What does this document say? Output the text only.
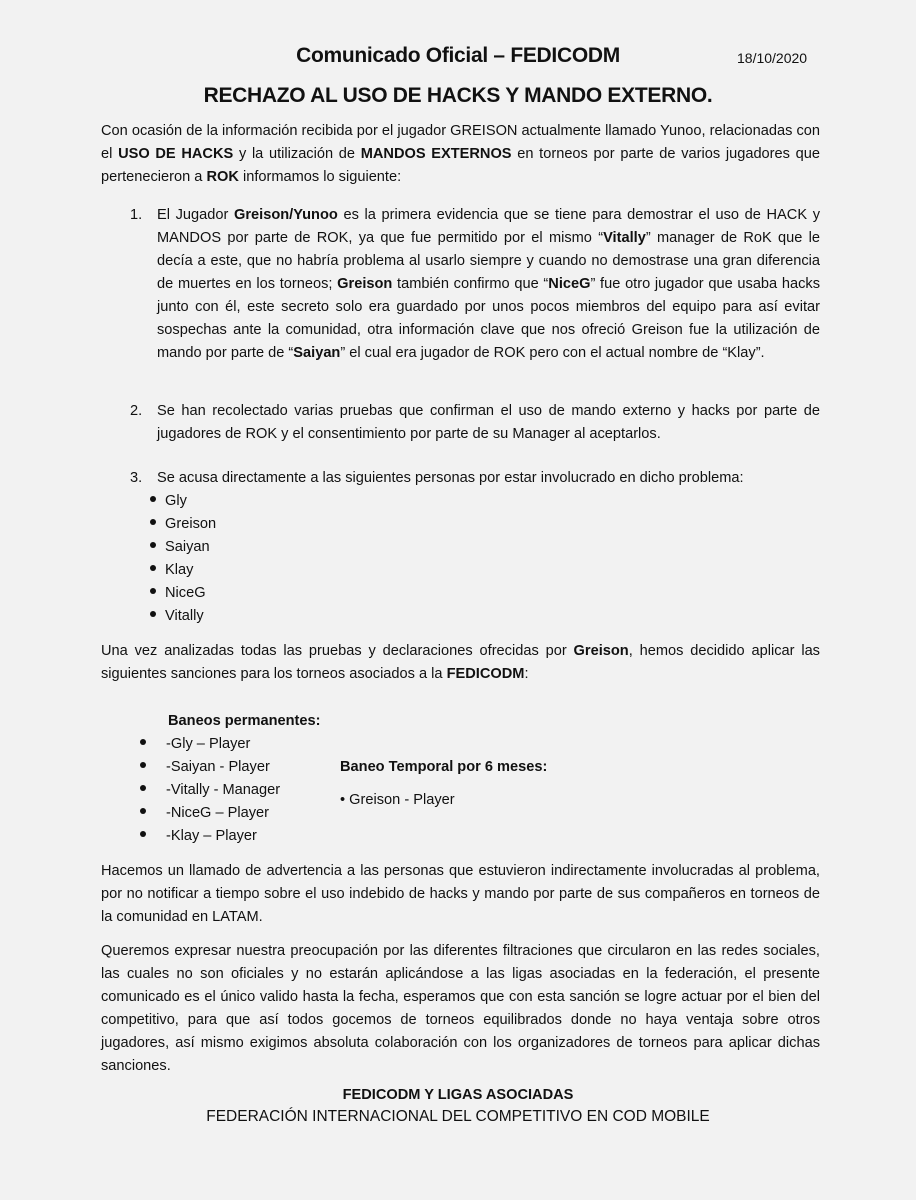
Comunicado Oficial – FEDICODM	18/10/2020
RECHAZO AL USO DE HACKS Y MANDO EXTERNO.
Con ocasión de la información recibida por el jugador GREISON actualmente llamado Yunoo, relacionadas con el USO DE HACKS y la utilización de MANDOS EXTERNOS en torneos por parte de varios jugadores que pertenecieron a ROK informamos lo siguiente:
1. El Jugador Greison/Yunoo es la primera evidencia que se tiene para demostrar el uso de HACK y MANDOS por parte de ROK, ya que fue permitido por el mismo “Vitally” manager de RoK que le decía a este, que no habría problema al usarlo siempre y cuando no demostrase una gran diferencia de muertes en los torneos; Greison también confirmo que “NiceG” fue otro jugador que usaba hacks junto con él, este secreto solo era guardado por unos pocos miembros del equipo para así evitar sospechas ante la comunidad, otra información clave que nos ofreció Greison fue la utilización de mando por parte de “Saiyan” el cual era jugador de ROK pero con el actual nombre de “Klay”.
2. Se han recolectado varias pruebas que confirman el uso de mando externo y hacks por parte de jugadores de ROK y el consentimiento por parte de su Manager al aceptarlos.
3. Se acusa directamente a las siguientes personas por estar involucrado en dicho problema:
Gly
Greison
Saiyan
Klay
NiceG
Vitally
Una vez analizadas todas las pruebas y declaraciones ofrecidas por Greison, hemos decidido aplicar las siguientes sanciones para los torneos asociados a la FEDICODM:
Baneos permanentes:
-Gly – Player
-Saiyan - Player
-Vitally - Manager
-NiceG – Player
-Klay – Player
Baneo Temporal por 6 meses:
• Greison - Player
Hacemos un llamado de advertencia a las personas que estuvieron indirectamente involucradas al problema, por no notificar a tiempo sobre el uso indebido de hacks y mando por parte de sus compañeros en torneos de la comunidad en LATAM.
Queremos expresar nuestra preocupación por las diferentes filtraciones que circularon en las redes sociales, las cuales no son oficiales y no estarán aplicándose a las ligas asociadas en la federación, el presente comunicado es el único valido hasta la fecha, esperamos que con esta sanción se logre actuar por el bien del competitivo, para que así todos gocemos de torneos equilibrados donde no haya ventaja sobre otros jugadores, así mismo exigimos absoluta colaboración con los organizadores de torneos para aplicar dichas sanciones.
FEDICODM Y LIGAS ASOCIADAS
FEDERACIÓN INTERNACIONAL DEL COMPETITIVO EN COD MOBILE
